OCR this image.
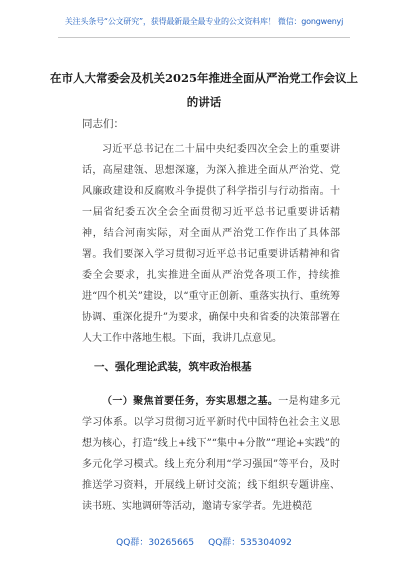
关注头条号“公文研究”，获得最新最全最专业的公文资料库！ 微信：gongwenyj
在市人大常委会及机关2025年推进全面从严治党工作会议上的讲话
同志们：

习近平总书记在二十届中央纪委四次全会上的重要讲话，高屋建瓴、思想深邃，为深入推进全面从严治党、党风廉政建设和反腐败斗争提供了科学指引与行动指南。十一届省纪委五次全会全面贯彻习近平总书记重要讲话精神，结合河南实际，对全面从严治党工作作出了具体部署。我们要深入学习贯彻习近平总书记重要讲话精神和省委全会要求，扎实推进全面从严治党各项工作，持续推进“四个机关”建设，以“重守正创新、重落实执行、重统筹协调、重深化提升”为要求，确保中央和省委的决策部署在人大工作中落地生根。下面，我讲几点意见。

一、强化理论武装，筑牢政治根基

（一）聚焦首要任务，夯实思想之基。一是构建多元学习体系。以学习贯彻习近平新时代中国特色社会主义思想为核心，打造“线上+线下”“集中+分散”“理论+实践”的多元化学习模式。线上充分利用“学习强国”等平台，及时推送学习资料，开展线上研讨交流；线下组织专题讲座、读书班、实地调研等活动，邀请专家学者。先进模范

QQ群：30265665 QQ群：535304092
